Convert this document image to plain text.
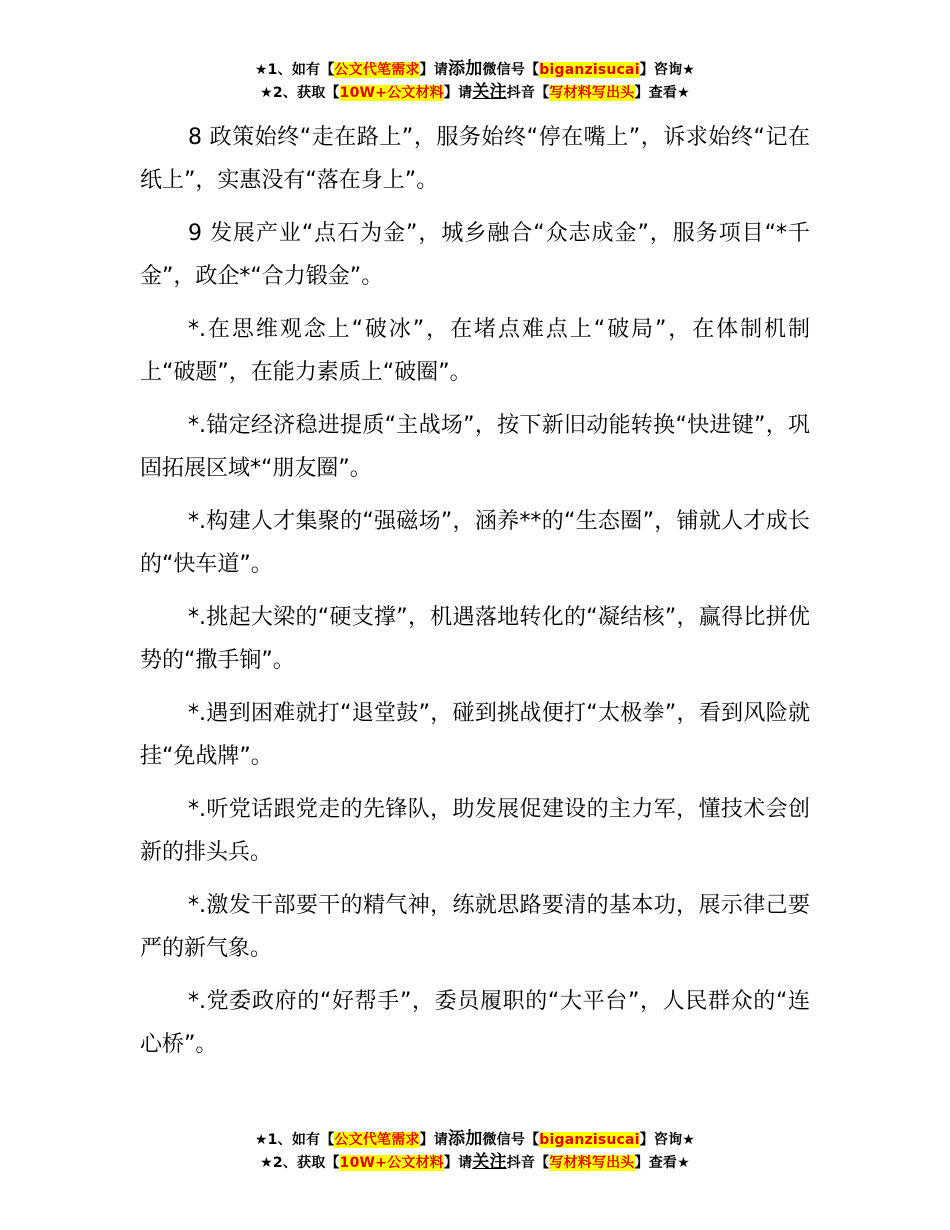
★1、如有【公文代笔需求】请添加微信号【biganzisucai】咨询★
★2、获取【10W+公文材料】请关注抖音【写材料写出头】查看★

8 政策始终“走在路上”，服务始终“停在嘴上”，诉求始终“记在纸上”，实惠没有“落在身上”。

9 发展产业“点石为金”，城乡融合“众志成金”，服务项目“*千金”，政企*“合力锻金”。

*.在思维观念上“破冰”，在堵点难点上“破局”，在体制机制上“破题”，在能力素质上“破圈”。

*.锚定经济稳进提质“主战场”，按下新旧动能转换“快进键”，巩固拓展区域*“朋友圈”。

*.构建人才集聚的“强磁场”，涵养**的“生态圈”，铺就人才成长的“快车道”。

*.挑起大梁的“硬支撑”，机遇落地转化的“凝结核”，赢得比拼优势的“撒手锏”。

*.遇到困难就打“退堂鼓”，碰到挑战便打“太极拳”，看到风险就挂“免战牌”。

*.听党话跟党走的先锋队，助发展促建设的主力军，懂技术会创新的排头兵。

*.激发干部要干的精气神，练就思路要清的基本功，展示律己要严的新气象。

*.党委政府的“好帮手”，委员履职的“大平台”，人民群众的“连心桥”。

★1、如有【公文代笔需求】请添加微信号【biganzisucai】咨询★
★2、获取【10W+公文材料】请关注抖音【写材料写出头】查看★
